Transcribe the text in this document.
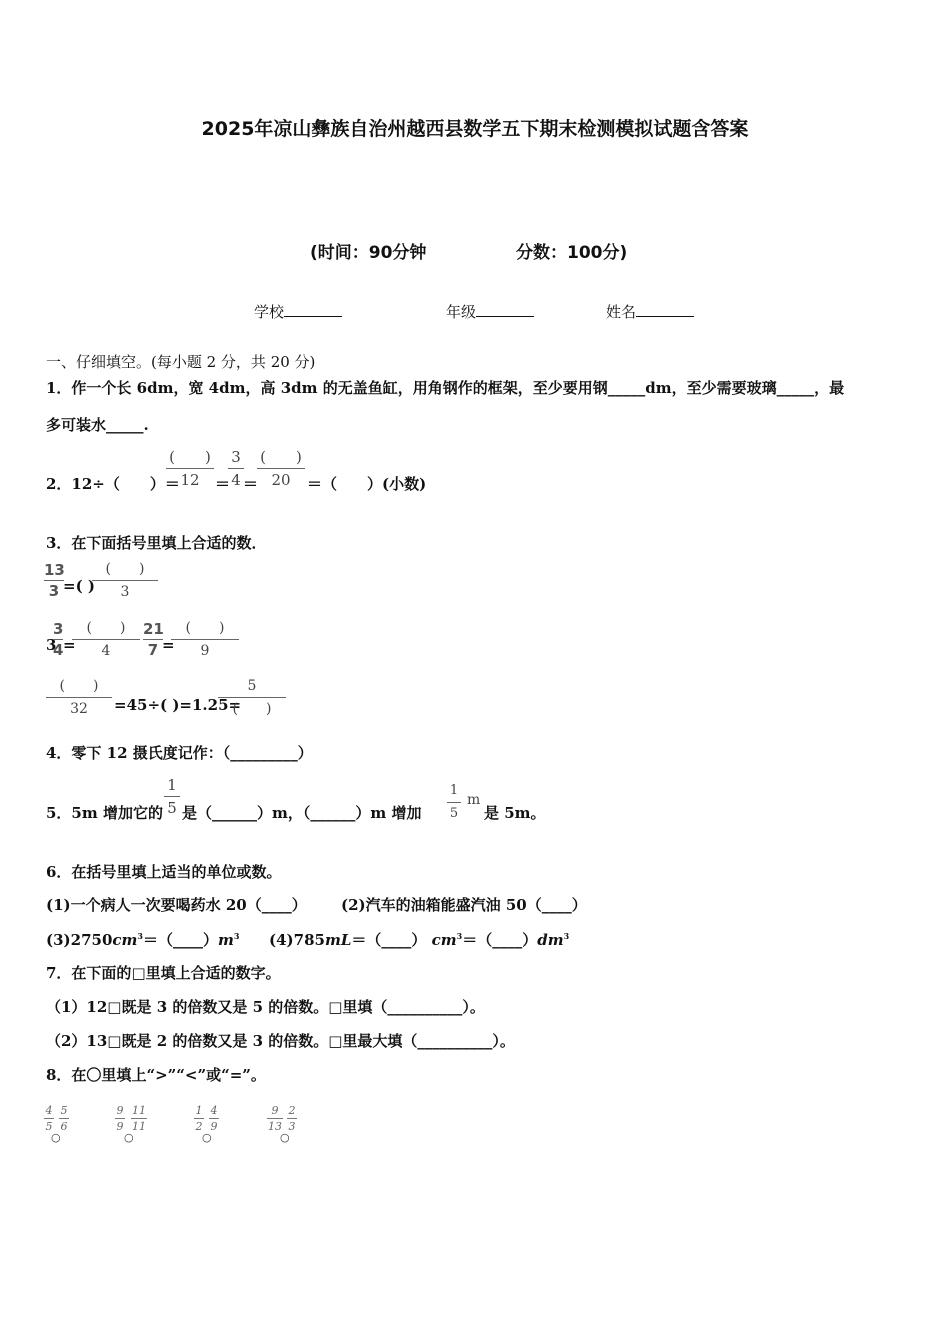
2025年凉山彝族自治州越西县数学五下期末检测模拟试题含答案
(时间：90分钟	分数：100分)
学校	年级	姓名
一、仔细填空。(每小题 2 分，共 20 分)
1．作一个长 6dm，宽 4dm，高 3dm 的无盖鱼缸，用角钢作的框架，至少要用钢_____dm，至少需要玻璃_____，最
多可装水_____.
2．12÷（　　）＝
(　　)
12	＝
3
4 ＝
(　　)
20	＝（　　）(小数)
3．在下面括号里填上合适的数．
13
3 =( )
(　　)
3
3
3
4 =
(　　)
4
21
7 =
(　　)
9
(　　)
32	=45÷( )=1.25=
5
(　　)
4．零下 12 摄氏度记作：（_________）
5．5m 增加它的
1
5 是（______）m，（______）m 增加
1
5
m
是 5m。
6．在括号里填上适当的单位或数。
(1)一个病人一次要喝药水 20（____） (2)汽车的油箱能盛汽油 50（____）
$(3)2750cm^3=(\_\_\_\_)m^3$ (4)785mL＝（____） $cm^3=(\_\_\_\_)dm^3$
7．在下面的□里填上合适的数字。
（1）12□既是 3 的倍数又是 5 的倍数。□里填（__________）。
（2）13□既是 2 的倍数又是 3 的倍数。□里最大填（__________）。
8．在〇里填上“>”“<”或“=”。
4
5
5
6
○
9
9
11
11
○
1
2
4
9
○
9
13
2
3
○
